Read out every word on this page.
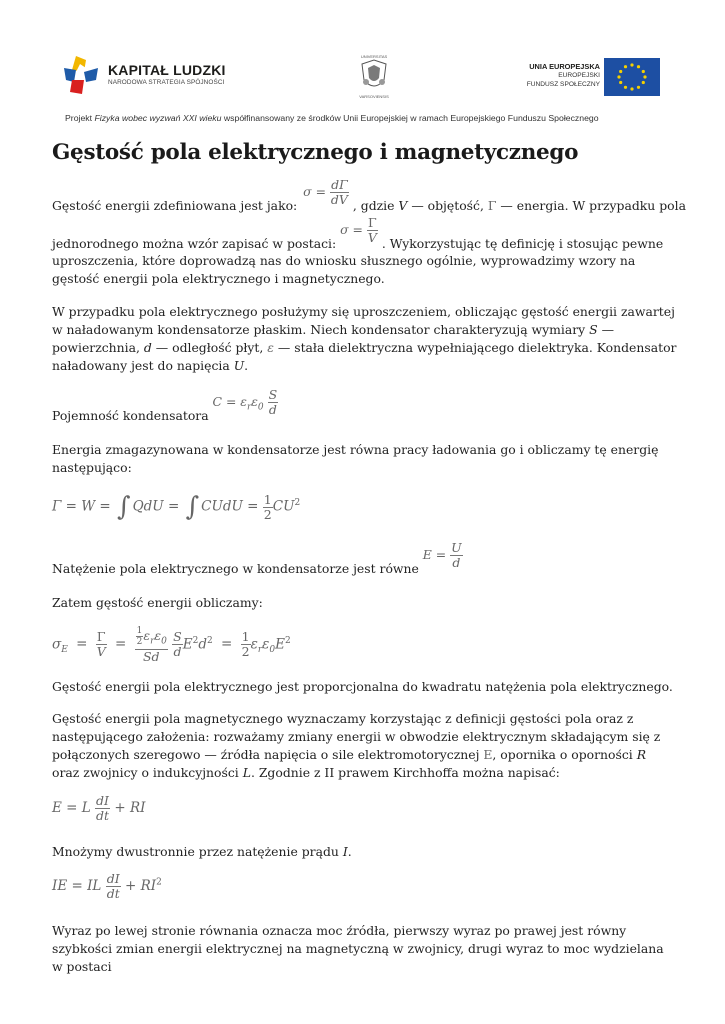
KAPITAŁ LUDZKI
NARODOWA STRATEGIA SPÓJNOŚCI
UNIVERSITAS
VARSOVIENSIS
UNIA EUROPEJSKA
EUROPEJSKI
FUNDUSZ SPOŁECZNY
Projekt Fizyka wobec wyzwań XXI wieku współfinansowany ze środków Unii Europejskiej w ramach Europejskiego Funduszu Społecznego
Gęstość pola elektrycznego i magnetycznego
Gęstość energii zdefiniowana jest jako: $\sigma = \frac{d\Gamma}{dV}$ , gdzie V — objętość, Γ — energia. W przypadku pola
jednorodnego można wzór zapisać w postaci: $\sigma = \frac{\Gamma}{V}$ . Wykorzystując tę definicję i stosując pewne
uproszczenia, które doprowadzą nas do wniosku słusznego ogólnie, wyprowadzimy wzory na gęstość energii pola elektrycznego i magnetycznego.
W przypadku pola elektrycznego posłużymy się uproszczeniem, obliczając gęstość energii zawartej w naładowanym kondensatorze płaskim. Niech kondensator charakteryzują wymiary S — powierzchnia, d — odległość płyt, ε — stała dielektryczna wypełniającego dielektryka. Kondensator naładowany jest do napięcia U.
Pojemność kondensatora $C = \varepsilon_r\varepsilon_0 \frac{S}{d}$
Energia zmagazynowana w kondensatorze jest równa pracy ładowania go i obliczamy tę energię następująco:
Γ = W = ∫ QdU = ∫ CUdU = $\frac{1}{2} CU^2$
Natężenie pola elektrycznego w kondensatorze jest równe $E = \frac{U}{d}$
Zatem gęstość energii obliczamy:
$\sigma_E = \frac{\Gamma}{V} = \frac{\frac{1}{2} \varepsilon_r\varepsilon_0}{Sd}$
$\frac{S}{d} E^2d^2 = \frac{1}{2} \varepsilon_r\varepsilon_0E^2$
Gęstość energii pola elektrycznego jest proporcjonalna do kwadratu natężenia pola elektrycznego.
Gęstość energii pola magnetycznego wyznaczamy korzystając z definicji gęstości pola oraz z następującego założenia: rozważamy zmiany energii w obwodzie elektrycznym składającym się z połączonych szeregowo — źródła napięcia o sile elektromotorycznej E, opornika o oporności R oraz zwojnicy o indukcyjności L. Zgodnie z II prawem Kirchhoffa można napisać:
E = L $\frac{dI}{dt}$ + RI
Mnożymy dwustronnie przez natężenie prądu I.
IE = IL $\frac{dI}{dt} + RI^2$
Wyraz po lewej stronie równania oznacza moc źródła, pierwszy wyraz po prawej jest równy szybkości zmian energii elektrycznej na magnetyczną w zwojnicy, drugi wyraz to moc wydzielana w postaci
